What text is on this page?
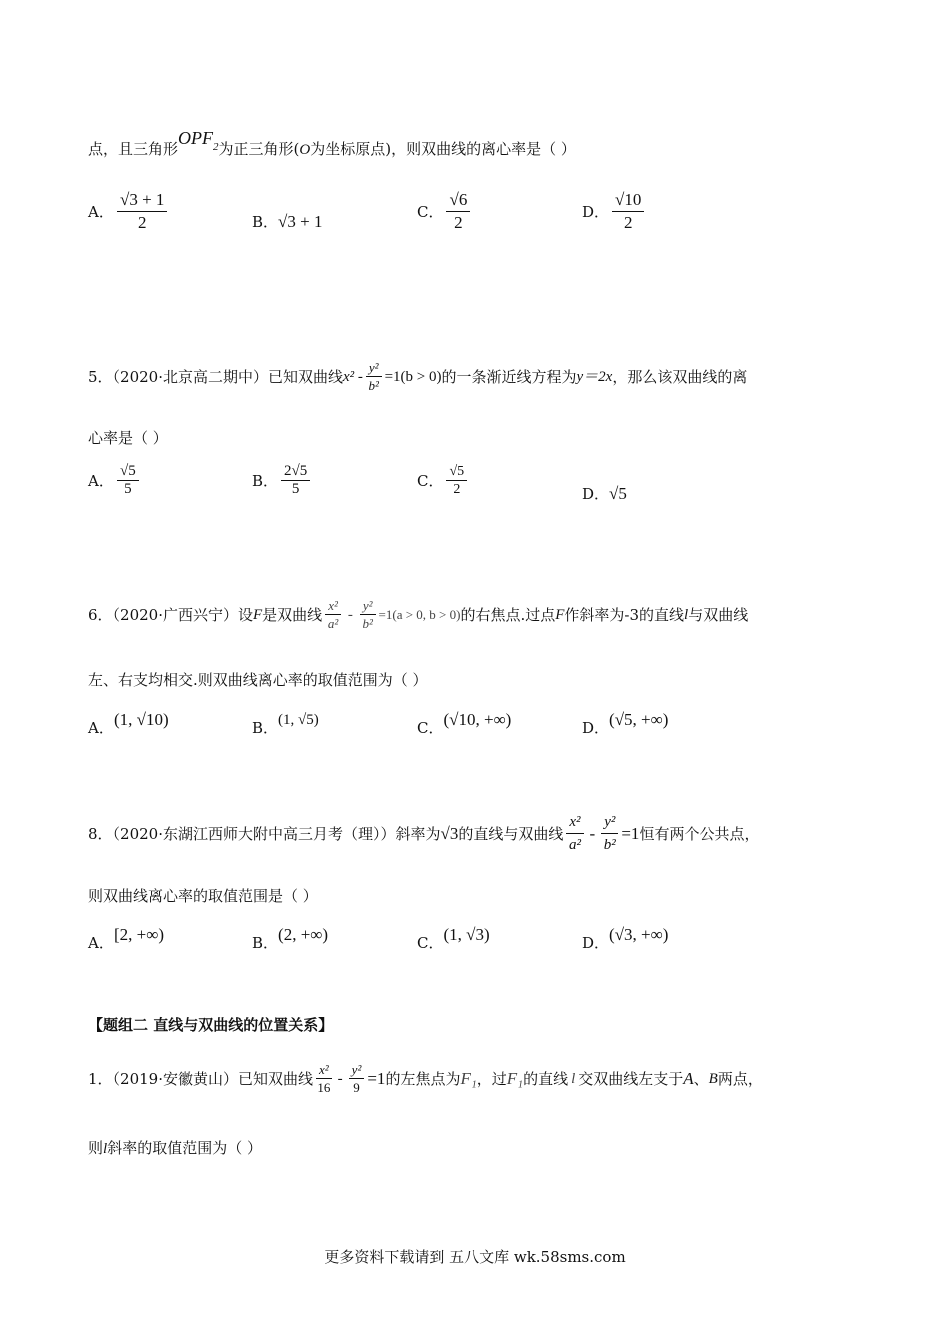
点，且三角形$OPF_2$为正三角形(O为坐标原点)，则双曲线的离心率是（ ）
A． $\frac{√3 + 1}{2}$	B． √3 + 1
C． $\frac{√6}{2}$	D． $\frac{√10}{2}$
5．（2020·北京高二期中）已知双曲线 $x^2 - \frac{\text{y²}}{\text{b²}} =1(b > 0)$ 的一条渐近线方程为 y＝2x ，那么该双曲线的离
心率是（ ）
A． $\frac{√5}{5}$	B． $\frac{2√5}{5}$	C． $\frac{√5}{2}$	D． √5
6．（2020·广西兴宁）设 F 是双曲线 $\frac{\text{x²}}{\text{a²}} - \frac{\text{y²}}{\text{b²}} =1(a > 0$, b > 0) 的右焦点.过点 F 作斜率为-3的直线 l 与双曲线
左、右支均相交.则双曲线离心率的取值范围为（ ）
A． (1, √10)	B． (1, √5)	C． (√10, +∞)	D． (√5, +∞)
8．（2020·东湖江西师大附中高三月考（理））斜率为 √3 的直线与双曲线 $\frac{\text{x²}}{\text{a²}} - \frac{\text{y²}}{\text{b²}} =1$ 恒有两个公共点，
则双曲线离心率的取值范围是（ ）
A． [2, +∞)	B． (2, +∞)	C． (1, √3)	D． (√3, +∞)
【题组二 直线与双曲线的位置关系】
1．（2019·安徽黄山）已知双曲线 $\frac{\text{x²}}{16} - \frac{\text{y²}}{9} =1$ 的左焦点为 F₁ ，过 F₁ 的直线 l 交双曲线左支于 A 、 B 两点，
则l斜率的取值范围为（ ）
更多资料下载请到 五八文库 wk.58sms.com
